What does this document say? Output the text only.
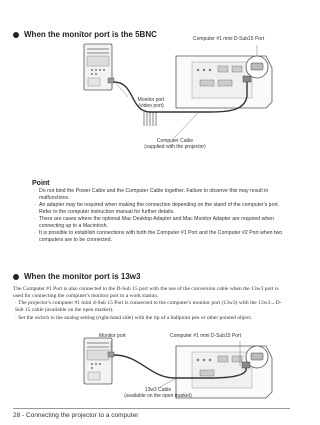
When the monitor port is the 5BNC	Computer #1 mini D-Sub15 Port
Monitor port
(video port)
Computer Cable
(supplied with the projector)
Point
· Do not bind the Power Cable and the Computer Cable together. Failure to observe this may result in malfunctions.
· An adapter may be required when making the connection depending on the stand of the computer's port. Refer to the computer instruction manual for further details.
· There are cases where the optional Mac Desktop Adapter and Mac Monitor Adapter are required when connecting up to a Macintosh.
· It is possible to establish connections with both the Computer #1 Port and the Computer #2 Port when two computers are to be connected.
When the monitor port is 13w3

The Computer #1 Port is also connected to the D-Sub 15 port with the use of the conversion cable when the 13w3 port is used for connecting the computer's monitor port to a work station.

· The projector's computer #1 mini d-Sub 15 Port is connected to the computer's monitor port (13w3) with the 13w3↔D-Sub 15 cable (available on the open market).

· Set the switch to the analog setting (right-hand side) with the tip of a ballpoint pen or other pointed object.

Monitor port	Computer #1 mini D-Sub15 Port
13w3 Cable
(available on the open market)
28 - Connecting the projector to a computer
